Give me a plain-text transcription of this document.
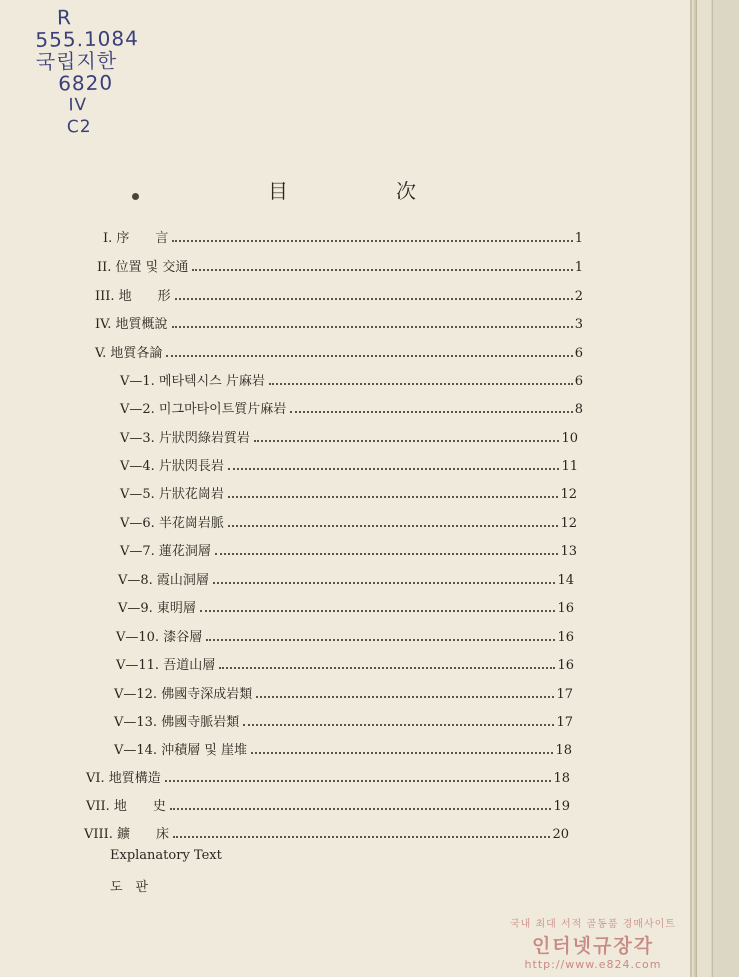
R
555.1084
국립지한
6820
IV
C2
目	次
I. 序　　言	1
II. 位置 및 交通	1
III. 地　　形	2
IV. 地質概說	3
V. 地質各論	6
V—1. 메타텍시스 片麻岩	6
V—2. 미그마타이트質片麻岩	8
V—3. 片狀閃綠岩質岩	10
V—4. 片狀閃長岩	11
V—5. 片狀花崗岩	12
V—6. 半花崗岩脈	12
V—7. 蓮花洞層	13
V—8. 霞山洞層	14
V—9. 東明層	16
V—10. 漆谷層	16
V—11. 吾道山層	16
V—12. 佛國寺深成岩類	17
V—13. 佛國寺脈岩類	17
V—14. 沖積層 및 崖堆	18
VI. 地質構造	18
VII. 地　　史	19
VIII. 鑛　　床	20
Explanatory Text
도　판
국내 최대 서적 골동품 경매사이트
인터넷규장각
http://www.e824.com
